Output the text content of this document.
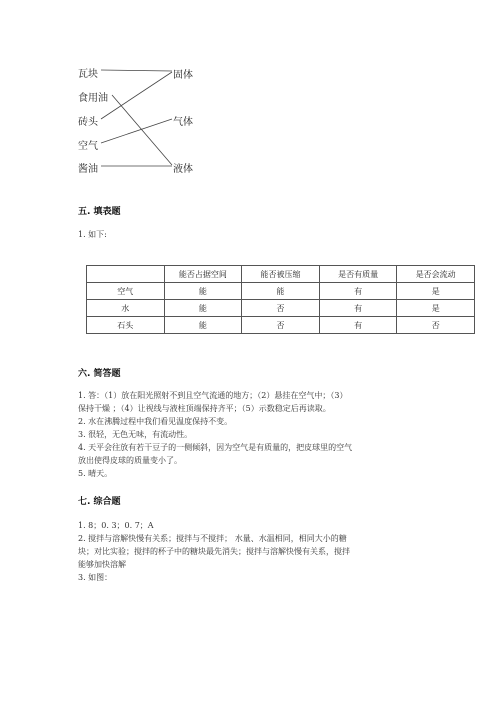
瓦块
食用油
砖头
空气
酱油
固体
气体
液体
五. 填表题
1. 如下:
	能否占据空间	能否被压缩	是否有质量	是否会流动
空气	能	能	有	是
水	能	否	有	是
石头	能	否	有	否
六. 简答题
1. 答：（1）放在阳光照射不到且空气流通的地方；（2）悬挂在空气中；（3）
保持干燥 ；（4）让视线与液柱顶端保持齐平；（5）示数稳定后再读取。
2. 水在沸腾过程中我们看见温度保持不变。
3. 很轻，无色无味，有流动性。
4. 天平会往放有若干豆子的一侧倾斜，因为空气是有质量的，把皮球里的空气
放出使得皮球的质量变小了。
5. 晴天。
七. 综合题
1. 8；0. 3；0. 7；A
2. 搅拌与溶解快慢有关系；搅拌与不搅拌； 水量、水温相同，相同大小的糖
块；对比实验；搅拌的杯子中的糖块最先消失；搅拌与溶解快慢有关系，搅拌
能够加快溶解
3. 如图：
